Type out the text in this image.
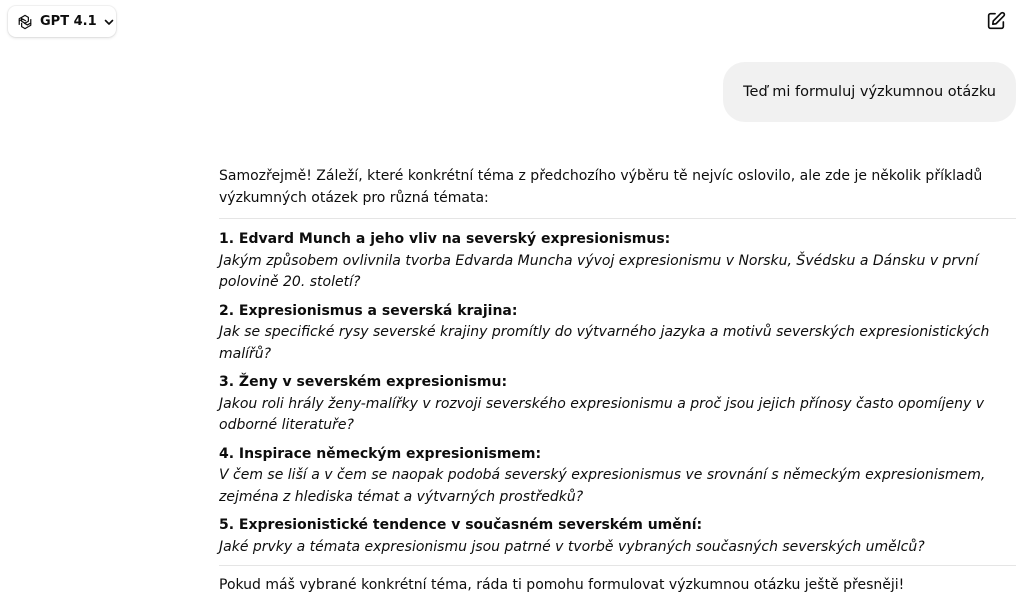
GPT 4.1
Teď mi formuluj výzkumnou otázku

Samozřejmě! Záleží, které konkrétní téma z předchozího výběru tě nejvíc oslovilo, ale zde je několik příkladů výzkumných otázek pro různá témata:

1. Edvard Munch a jeho vliv na severský expresionismus:
Jakým způsobem ovlivnila tvorba Edvarda Muncha vývoj expresionismu v Norsku, Švédsku a Dánsku v první polovině 20. století?
2. Expresionismus a severská krajina:
Jak se specifické rysy severské krajiny promítly do výtvarného jazyka a motivů severských expresionistických malířů?
3. Ženy v severském expresionismu:
Jakou roli hrály ženy-malířky v rozvoji severského expresionismu a proč jsou jejich přínosy často opomíjeny v odborné literatuře?
4. Inspirace německým expresionismem:
V čem se liší a v čem se naopak podobá severský expresionismus ve srovnání s německým expresionismem, zejména z hlediska témat a výtvarných prostředků?
5. Expresionistické tendence v současném severském umění:
Jaké prvky a témata expresionismu jsou patrné v tvorbě vybraných současných severských umělců?

Pokud máš vybrané konkrétní téma, ráda ti pomohu formulovat výzkumnou otázku ještě přesněji!
